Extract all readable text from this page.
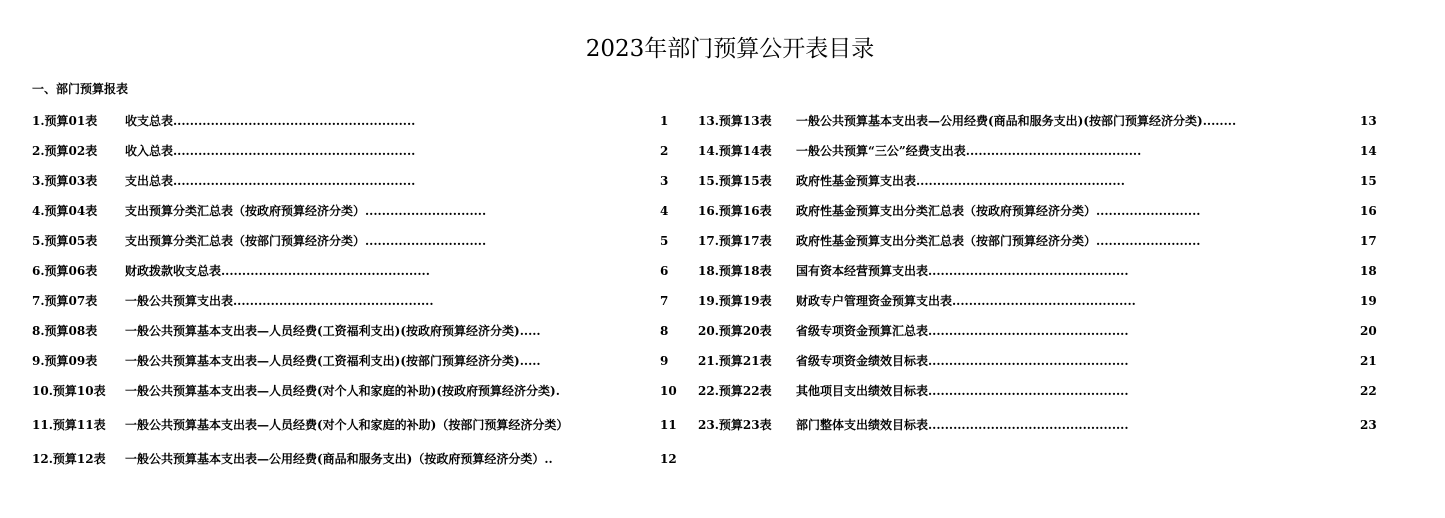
2023年部门预算公开表目录
一、部门预算报表
1.预算01表 收支总表..........................................................	1
2.预算02表 收入总表..........................................................	2
3.预算03表 支出总表..........................................................	3
4.预算04表 支出预算分类汇总表（按政府预算经济分类）.............................	4
5.预算05表 支出预算分类汇总表（按部门预算经济分类）.............................	5
6.预算06表 财政拨款收支总表..................................................	6
7.预算07表 一般公共预算支出表................................................	7
8.预算08表 一般公共预算基本支出表—人员经费(工资福利支出)(按政府预算经济分类).....	8
9.预算09表 一般公共预算基本支出表—人员经费(工资福利支出)(按部门预算经济分类).....	9
10.预算10表 一般公共预算基本支出表—人员经费(对个人和家庭的补助)(按政府预算经济分类).	10
11.预算11表 一般公共预算基本支出表—人员经费(对个人和家庭的补助)（按部门预算经济分类）	11
12.预算12表 一般公共预算基本支出表—公用经费(商品和服务支出)（按政府预算经济分类）..	12
13.预算13表 一般公共预算基本支出表—公用经费(商品和服务支出)(按部门预算经济分类)........	13
14.预算14表 一般公共预算“三公”经费支出表..........................................	14
15.预算15表 政府性基金预算支出表..................................................	15
16.预算16表 政府性基金预算支出分类汇总表（按政府预算经济分类）.........................	16
17.预算17表 政府性基金预算支出分类汇总表（按部门预算经济分类）.........................	17
18.预算18表 国有资本经营预算支出表................................................	18
19.预算19表 财政专户管理资金预算支出表............................................	19
20.预算20表 省级专项资金预算汇总表................................................	20
21.预算21表 省级专项资金绩效目标表................................................	21
22.预算22表 其他项目支出绩效目标表................................................	22
23.预算23表 部门整体支出绩效目标表................................................	23
